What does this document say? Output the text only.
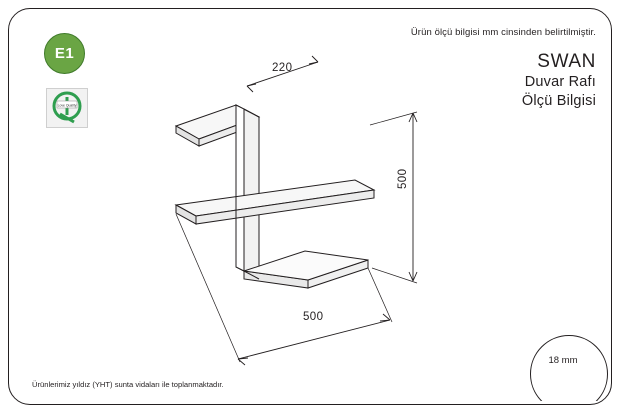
Ürün ölçü bilgisi mm cinsinden belirtilmiştir.
SWAN
Duvar Rafı
Ölçü Bilgisi
E1
Love Quality
220
500
500
18 mm
Ürünlerimiz yıldız (YHT) sunta vidaları ile toplanmaktadır.
